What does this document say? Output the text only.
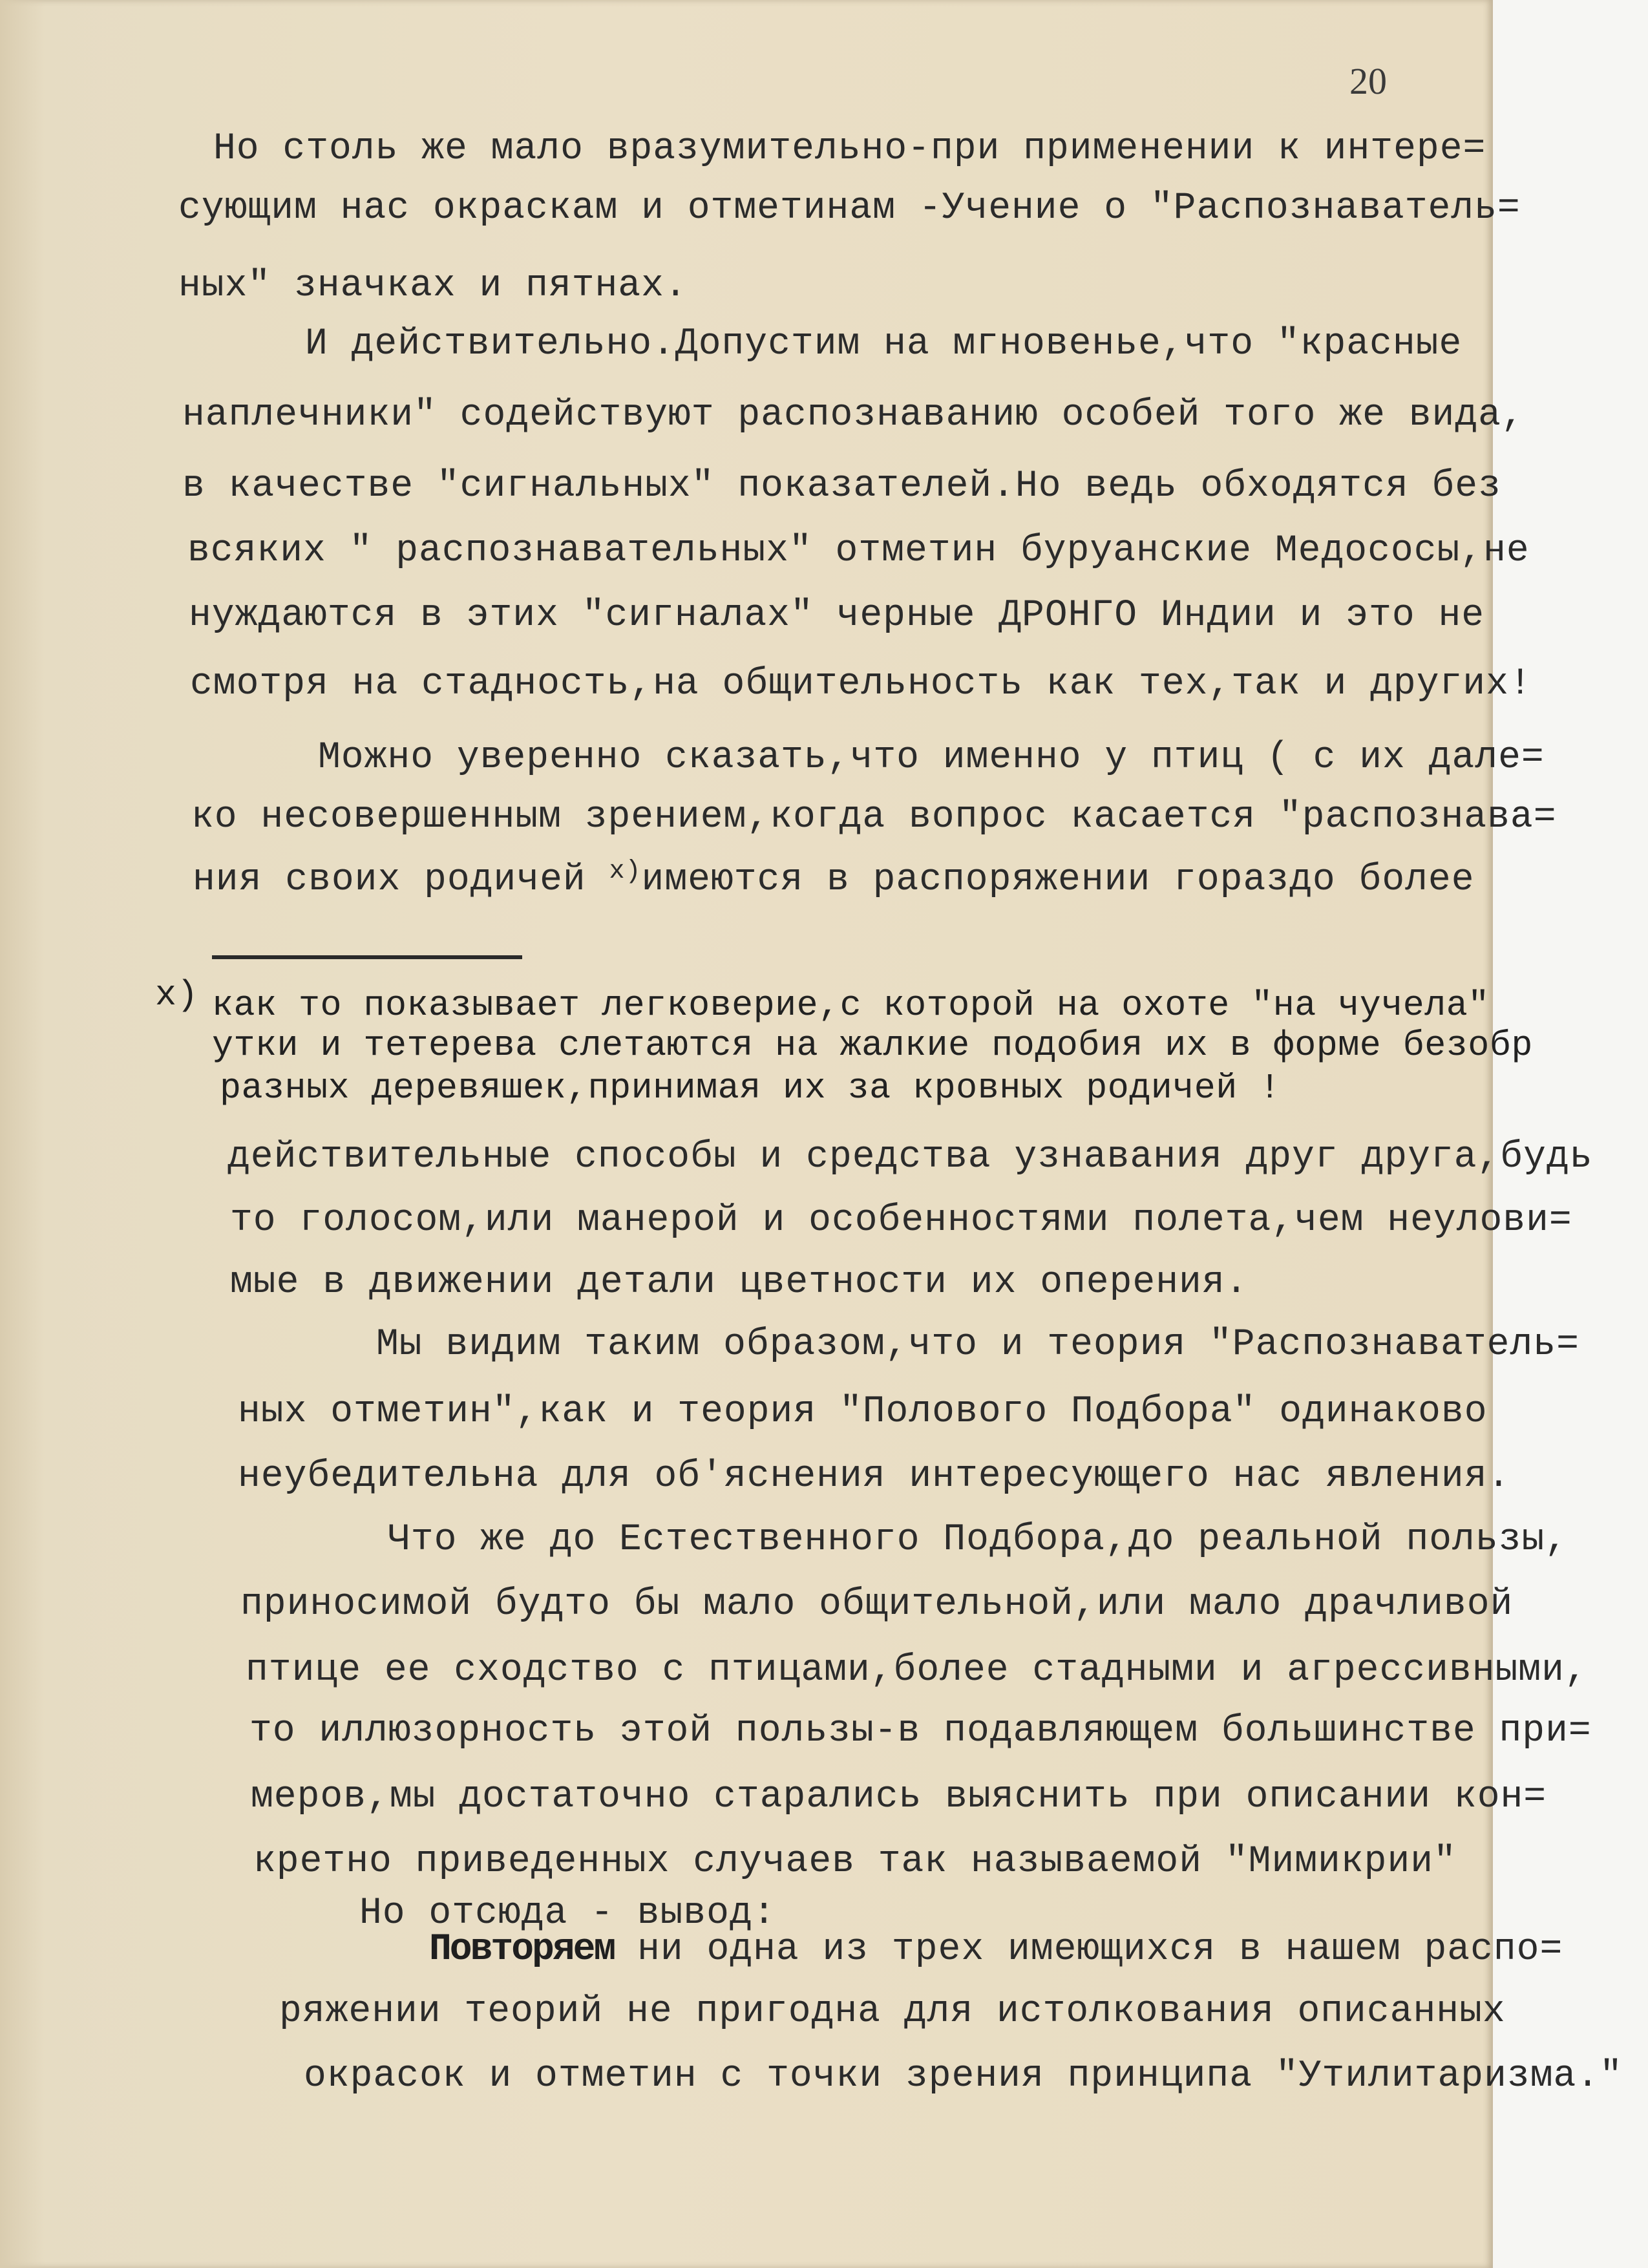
20
Но столь же мало вразумительно-при применении к интере=
сующим нас окраскам и отметинам -Учение о "Распознаватель=
ных" значках и пятнах.
И действительно.Допустим на мгновенье,что "красные
наплечники" содействуют распознаванию особей того же вида,
в качестве "сигнальных" показателей.Но ведь обходятся без
всяких " распознавательных" отметин буруанские Медососы,не
нуждаются в этих "сигналах" черные ДРОНГО Индии и это не
смотря на стадность,на общительность как тех,так и других!
Можно уверенно сказать,что именно у птиц ( с их дале=
ко несовершенным зрением,когда вопрос касается "распознава=
ния своих родичей $^{x)}$имеются в распоряжении гораздо более
x) как то показывает легковерие,с которой на охоте "на чучела"
утки и тетерева слетаются на жалкие подобия их в форме безобр
разных деревяшек,принимая их за кровных родичей !
действительные способы и средства узнавания друг друга,будь
то голосом,или манерой и особенностями полета,чем неулови=
мые в движении детали цветности их оперения.
Мы видим таким образом,что и теория "Распознаватель=
ных отметин",как и теория "Полового Подбора" одинаково
неубедительна для об'яснения интересующего нас явления.
Что же до Естественного Подбора,до реальной пользы,
приносимой будто бы мало общительной,или мало драчливой
птице ее сходство с птицами,более стадными и агрессивными,
то иллюзорность этой пользы-в подавляющем большинстве при=
меров,мы достаточно старались выяснить при описании кон=
кретно приведенных случаев так называемой "Мимикрии"
Но отсюда - вывод:
Повторяем ни одна из трех имеющихся в нашем распо=
ряжении теорий не пригодна для истолкования описанных
окрасок и отметин с точки зрения принципа "Утилитаризма."
